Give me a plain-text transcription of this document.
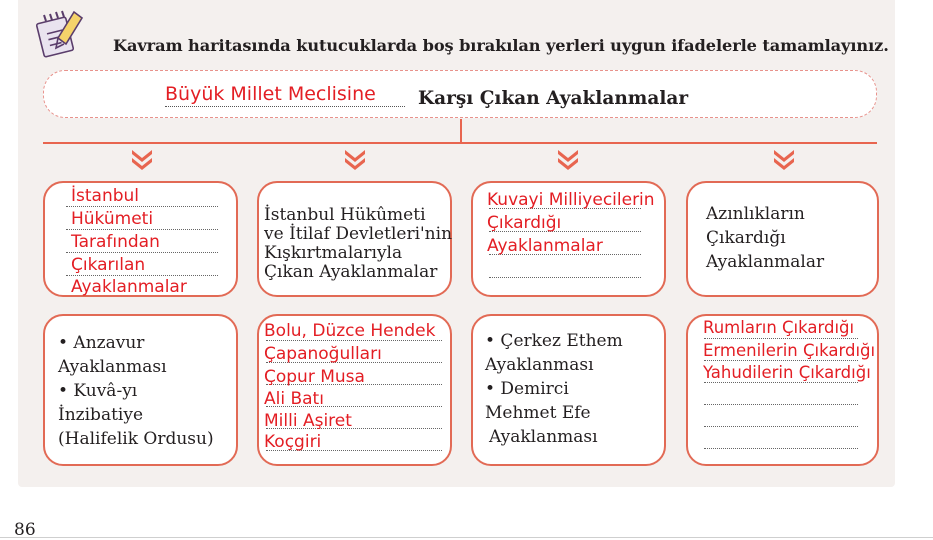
Kavram haritasında kutucuklarda boş bırakılan yerleri uygun ifadelerle tamamlayınız.
Büyük Millet Meclisine Karşı Çıkan Ayaklanmalar
İstanbul
Hükümeti
Tarafından
Çıkarılan
Ayaklanmalar
İstanbul Hükûmeti
ve İtilaf Devletleri'nin
Kışkırtmalarıyla
Çıkan Ayaklanmalar
Kuvayi Milliyecilerin
Çıkardığı
Ayaklanmalar
Azınlıkların
Çıkardığı
Ayaklanmalar
• Anzavur
Ayaklanması
• Kuvâ-yı
İnzibatiye
(Halifelik Ordusu)
Bolu, Düzce Hendek
Çapanoğulları
Çopur Musa
Ali Batı
Milli Aşiret
Koçgiri
• Çerkez Ethem
Ayaklanması
• Demirci
Mehmet Efe
Ayaklanması
Rumların Çıkardığı
Ermenilerin Çıkardığı
Yahudilerin Çıkardığı
86
